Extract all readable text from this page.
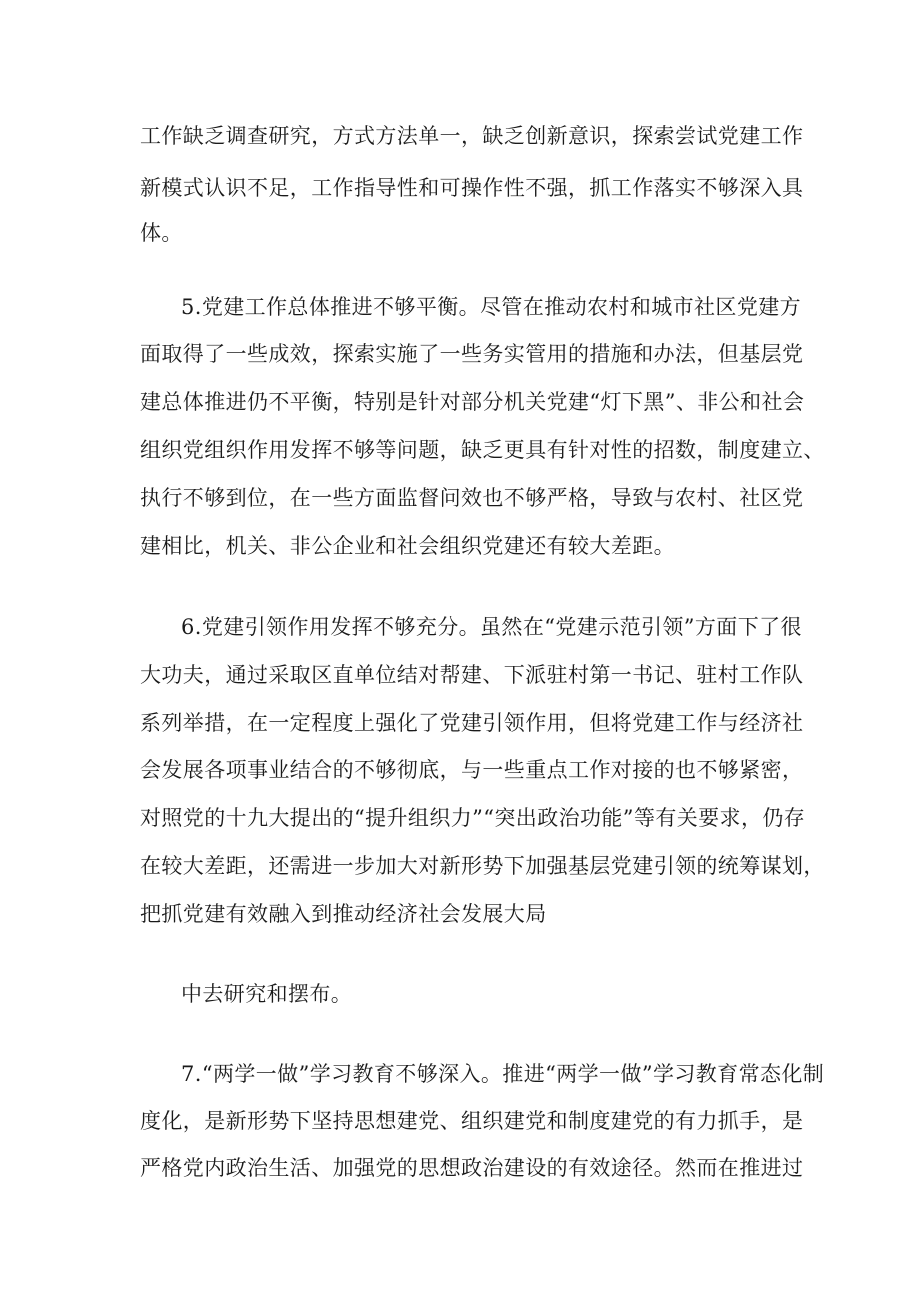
工作缺乏调查研究，方式方法单一，缺乏创新意识，探索尝试党建工作
新模式认识不足，工作指导性和可操作性不强，抓工作落实不够深入具
体。
5.党建工作总体推进不够平衡。尽管在推动农村和城市社区党建方
面取得了一些成效，探索实施了一些务实管用的措施和办法，但基层党
建总体推进仍不平衡，特别是针对部分机关党建“灯下黑”、非公和社会
组织党组织作用发挥不够等问题，缺乏更具有针对性的招数，制度建立、
执行不够到位，在一些方面监督问效也不够严格，导致与农村、社区党
建相比，机关、非公企业和社会组织党建还有较大差距。
6.党建引领作用发挥不够充分。虽然在“党建示范引领”方面下了很
大功夫，通过采取区直单位结对帮建、下派驻村第一书记、驻村工作队
系列举措，在一定程度上强化了党建引领作用，但将党建工作与经济社
会发展各项事业结合的不够彻底，与一些重点工作对接的也不够紧密，
对照党的十九大提出的“提升组织力”“突出政治功能”等有关要求，仍存
在较大差距，还需进一步加大对新形势下加强基层党建引领的统筹谋划，
把抓党建有效融入到推动经济社会发展大局
中去研究和摆布。
7.“两学一做”学习教育不够深入。推进“两学一做”学习教育常态化制
度化，是新形势下坚持思想建党、组织建党和制度建党的有力抓手，是
严格党内政治生活、加强党的思想政治建设的有效途径。然而在推进过
